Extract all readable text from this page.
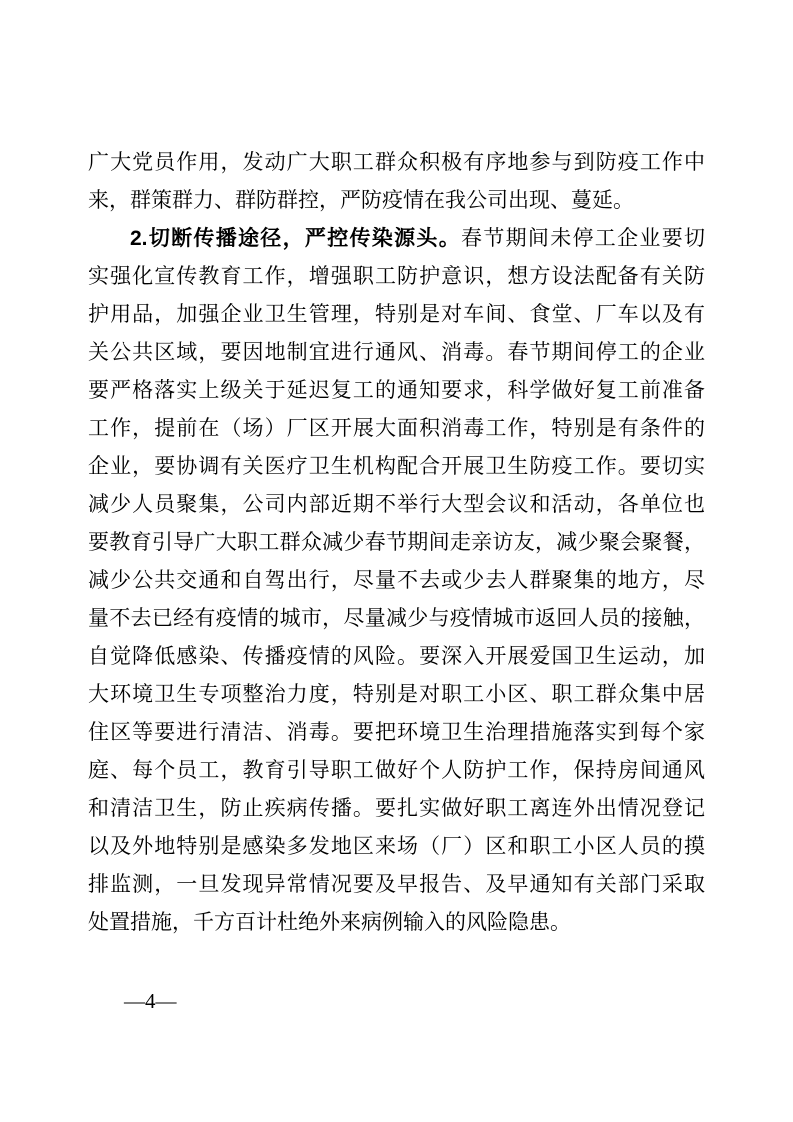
广大党员作用，发动广大职工群众积极有序地参与到防疫工作中
来，群策群力、群防群控，严防疫情在我公司出现、蔓延。
2.切断传播途径，严控传染源头。春节期间未停工企业要切
实强化宣传教育工作，增强职工防护意识，想方设法配备有关防
护用品，加强企业卫生管理，特别是对车间、食堂、厂车以及有
关公共区域，要因地制宜进行通风、消毒。春节期间停工的企业
要严格落实上级关于延迟复工的通知要求，科学做好复工前准备
工作，提前在（场）厂区开展大面积消毒工作，特别是有条件的
企业，要协调有关医疗卫生机构配合开展卫生防疫工作。要切实
减少人员聚集，公司内部近期不举行大型会议和活动，各单位也
要教育引导广大职工群众减少春节期间走亲访友，减少聚会聚餐，
减少公共交通和自驾出行，尽量不去或少去人群聚集的地方，尽
量不去已经有疫情的城市，尽量减少与疫情城市返回人员的接触，
自觉降低感染、传播疫情的风险。要深入开展爱国卫生运动，加
大环境卫生专项整治力度，特别是对职工小区、职工群众集中居
住区等要进行清洁、消毒。要把环境卫生治理措施落实到每个家
庭、每个员工，教育引导职工做好个人防护工作，保持房间通风
和清洁卫生，防止疾病传播。要扎实做好职工离连外出情况登记
以及外地特别是感染多发地区来场（厂）区和职工小区人员的摸
排监测，一旦发现异常情况要及早报告、及早通知有关部门采取
处置措施，千方百计杜绝外来病例输入的风险隐患。
—4—
